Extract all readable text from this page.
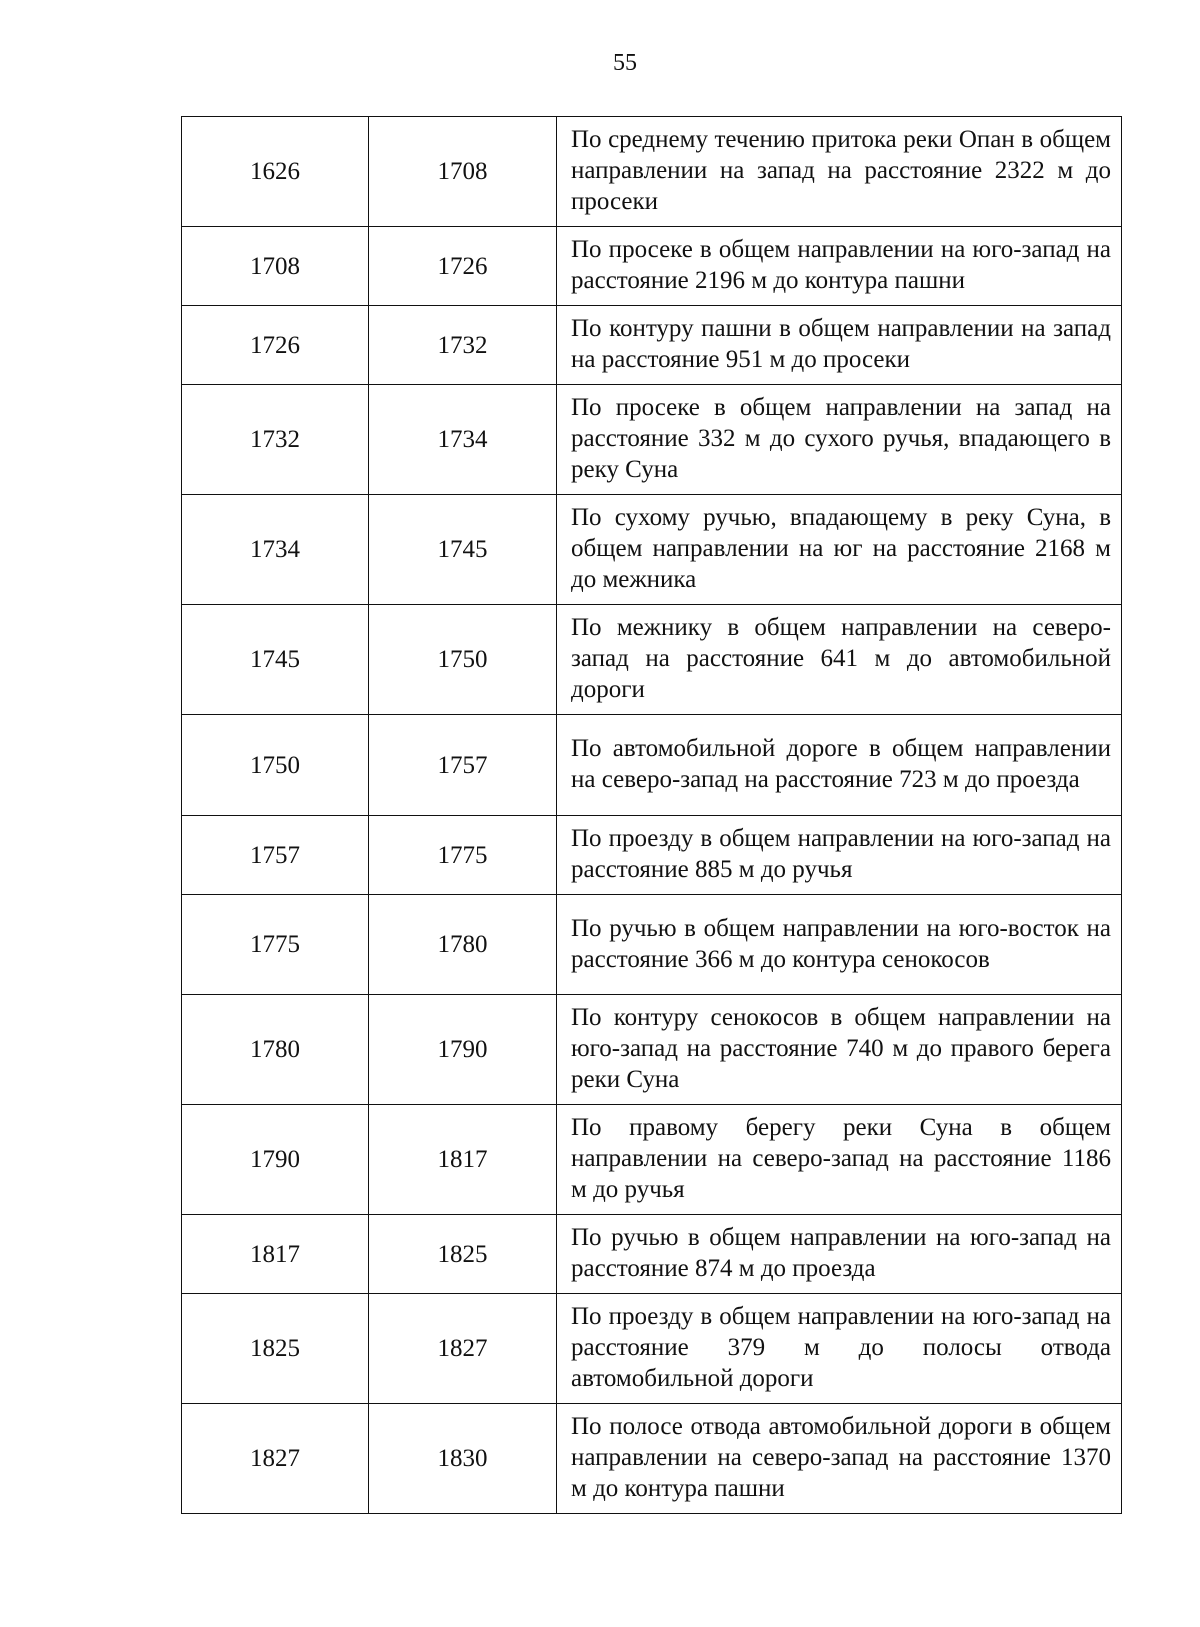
55
1626	1708	По среднему течению притока реки Опан в общем направлении на запад на расстояние 2322 м до просеки
1708	1726	По просеке в общем направлении на юго-запад на расстояние 2196 м до контура пашни
1726	1732	По контуру пашни в общем направлении на запад на расстояние 951 м до просеки
1732	1734	По просеке в общем направлении на запад на расстояние 332 м до сухого ручья, впадающего в реку Суна
1734	1745	По сухому ручью, впадающему в реку Суна, в общем направлении на юг на расстояние 2168 м до межника
1745	1750	По межнику в общем направлении на северо-запад на расстояние 641 м до автомобильной дороги
1750	1757	По автомобильной дороге в общем направлении на северо-запад на расстояние 723 м до проезда
1757	1775	По проезду в общем направлении на юго-запад на расстояние 885 м до ручья
1775	1780	По ручью в общем направлении на юго-восток на расстояние 366 м до контура сенокосов
1780	1790	По контуру сенокосов в общем направлении на юго-запад на расстояние 740 м до правого берега реки Суна
1790	1817	По правому берегу реки Суна в общем направлении на северо-запад на расстояние 1186 м до ручья
1817	1825	По ручью в общем направлении на юго-запад на расстояние 874 м до проезда
1825	1827	По проезду в общем направлении на юго-запад на расстояние 379 м до полосы отвода автомобильной дороги
1827	1830	По полосе отвода автомобильной дороги в общем направлении на северо-запад на расстояние 1370 м до контура пашни
